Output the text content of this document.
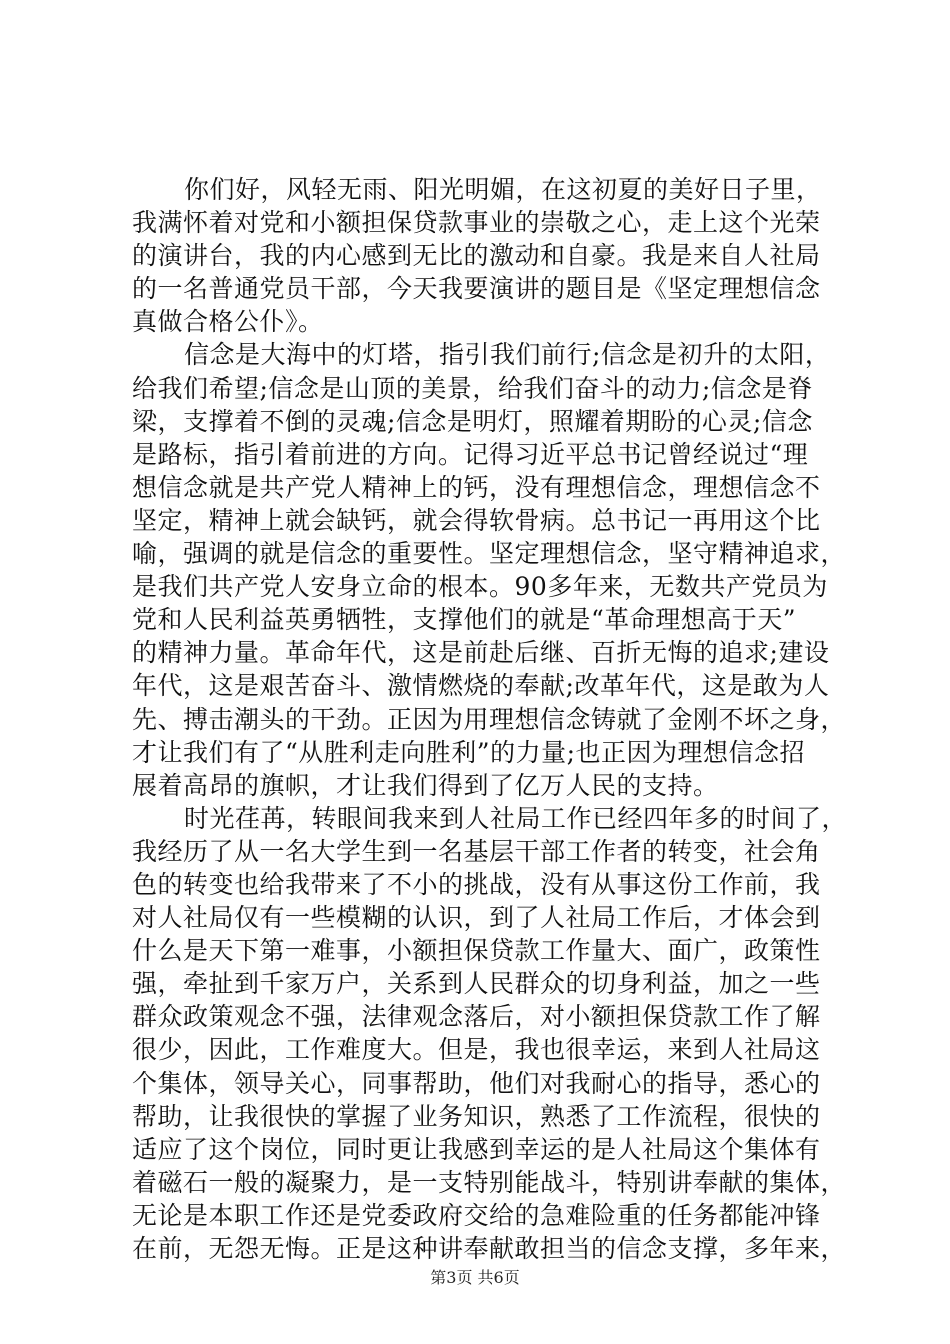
你们好，风轻无雨、阳光明媚，在这初夏的美好日子里，
我满怀着对党和小额担保贷款事业的崇敬之心，走上这个光荣
的演讲台，我的内心感到无比的激动和自豪。我是来自人社局
的一名普通党员干部，今天我要演讲的题目是《坚定理想信念
真做合格公仆》。
信念是大海中的灯塔，指引我们前行;信念是初升的太阳，
给我们希望;信念是山顶的美景，给我们奋斗的动力;信念是脊
梁，支撑着不倒的灵魂;信念是明灯，照耀着期盼的心灵;信念
是路标，指引着前进的方向。记得习近平总书记曾经说过“理
想信念就是共产党人精神上的钙，没有理想信念，理想信念不
坚定，精神上就会缺钙，就会得软骨病。总书记一再用这个比
喻，强调的就是信念的重要性。坚定理想信念，坚守精神追求，
是我们共产党人安身立命的根本。90多年来，无数共产党员为
党和人民利益英勇牺牲，支撑他们的就是“革命理想高于天”
的精神力量。革命年代，这是前赴后继、百折无悔的追求;建设
年代，这是艰苦奋斗、激情燃烧的奉献;改革年代，这是敢为人
先、搏击潮头的干劲。正因为用理想信念铸就了金刚不坏之身，
才让我们有了“从胜利走向胜利”的力量;也正因为理想信念招
展着高昂的旗帜，才让我们得到了亿万人民的支持。
时光荏苒，转眼间我来到人社局工作已经四年多的时间了，
我经历了从一名大学生到一名基层干部工作者的转变，社会角
色的转变也给我带来了不小的挑战，没有从事这份工作前，我
对人社局仅有一些模糊的认识，到了人社局工作后，才体会到
什么是天下第一难事，小额担保贷款工作量大、面广，政策性
强，牵扯到千家万户，关系到人民群众的切身利益，加之一些
群众政策观念不强，法律观念落后，对小额担保贷款工作了解
很少，因此，工作难度大。但是，我也很幸运，来到人社局这
个集体，领导关心，同事帮助，他们对我耐心的指导，悉心的
帮助，让我很快的掌握了业务知识，熟悉了工作流程，很快的
适应了这个岗位，同时更让我感到幸运的是人社局这个集体有
着磁石一般的凝聚力，是一支特别能战斗，特别讲奉献的集体，
无论是本职工作还是党委政府交给的急难险重的任务都能冲锋
在前，无怨无悔。正是这种讲奉献敢担当的信念支撑，多年来，
第3页 共6页
